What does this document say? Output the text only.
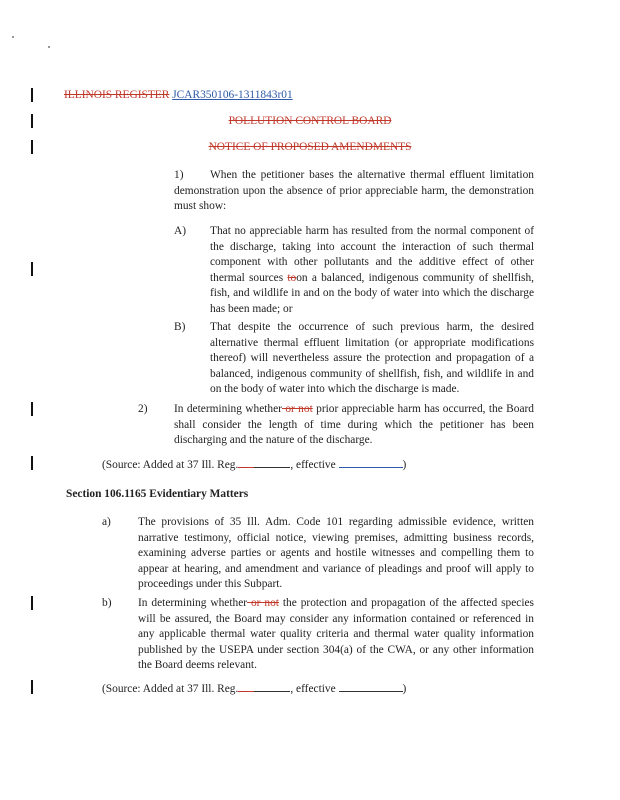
ILLINOIS REGISTER JCAR350106-1311843r01
POLLUTION CONTROL BOARD
NOTICE OF PROPOSED AMENDMENTS
1)	When the petitioner bases the alternative thermal effluent limitation demonstration upon the absence of prior appreciable harm, the demonstration must show:
A) That no appreciable harm has resulted from the normal component of the discharge, taking into account the interaction of such thermal component with other pollutants and the additive effect of other thermal sources toon a balanced, indigenous community of shellfish, fish, and wildlife in and on the body of water into which the discharge has been made; or
B) That despite the occurrence of such previous harm, the desired alternative thermal effluent limitation (or appropriate modifications thereof) will nevertheless assure the protection and propagation of a balanced, indigenous community of shellfish, fish, and wildlife in and on the body of water into which the discharge is made.
2) In determining whether or not prior appreciable harm has occurred, the Board shall consider the length of time during which the petitioner has been discharging and the nature of the discharge.
(Source: Added at 37 Ill. Reg.	, effective	)
Section 106.1165 Evidentiary Matters
a) The provisions of 35 Ill. Adm. Code 101 regarding admissible evidence, written narrative testimony, official notice, viewing premises, admitting business records, examining adverse parties or agents and hostile witnesses and compelling them to appear at hearing, and amendment and variance of pleadings and proof will apply to proceedings under this Subpart.
b) In determining whether or not the protection and propagation of the affected species will be assured, the Board may consider any information contained or referenced in any applicable thermal water quality criteria and thermal water quality information published by the USEPA under section 304(a) of the CWA, or any other information the Board deems relevant.
(Source: Added at 37 Ill. Reg.	, effective	)
